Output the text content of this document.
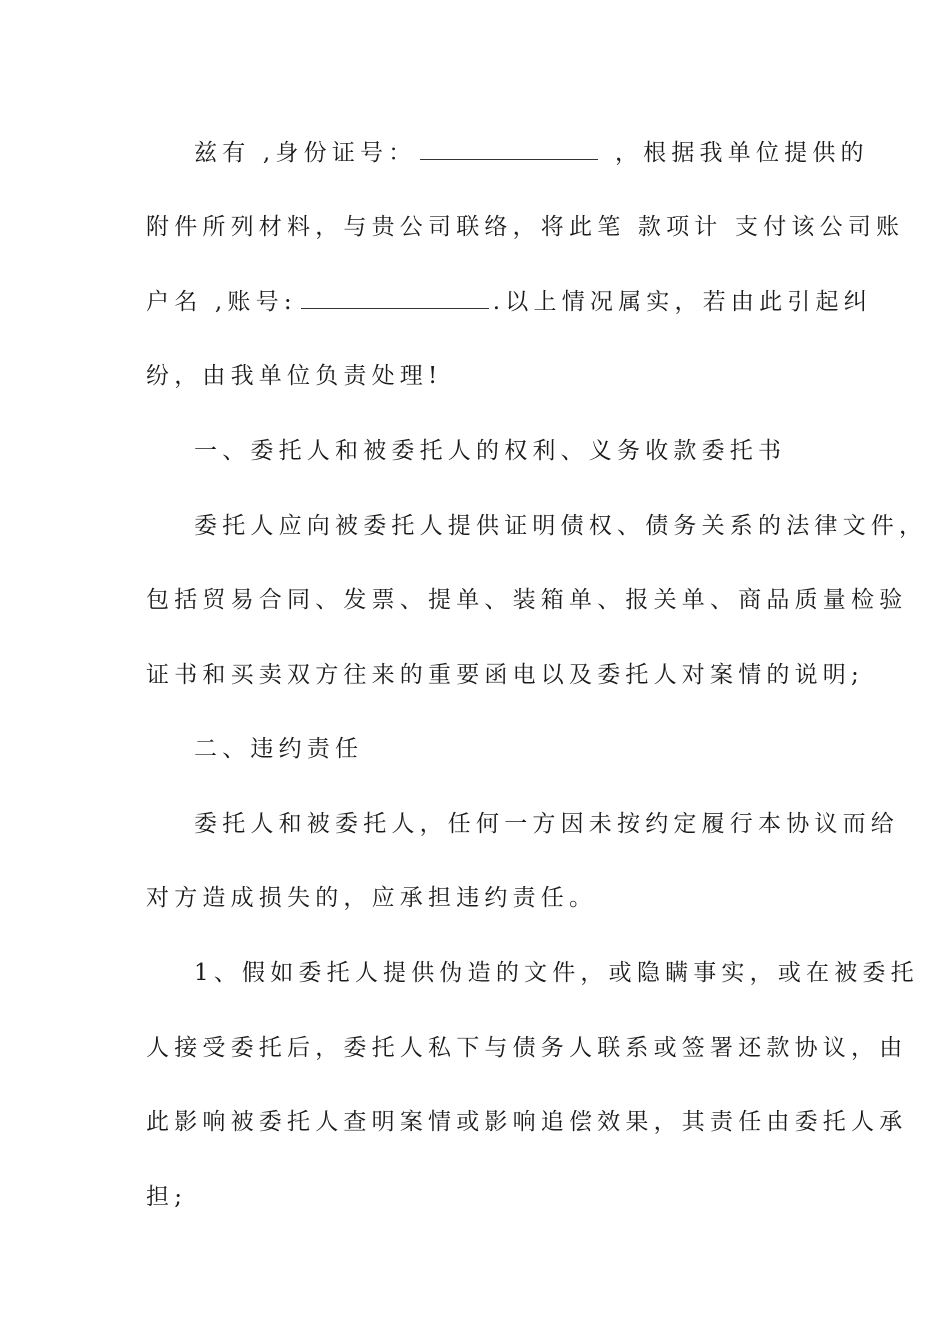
兹有 ,身份证号：	，根据我单位提供的
附件所列材料，与贵公司联络，将此笔 款项计 支付该公司账
户名 ,账号:	.以上情况属实，若由此引起纠
纷，由我单位负责处理!
一、委托人和被委托人的权利、义务收款委托书
委托人应向被委托人提供证明债权、债务关系的法律文件，
包括贸易合同、发票、提单、装箱单、报关单、商品质量检验
证书和买卖双方往来的重要函电以及委托人对案情的说明;
二、违约责任
委托人和被委托人，任何一方因未按约定履行本协议而给
对方造成损失的，应承担违约责任。
1、假如委托人提供伪造的文件，或隐瞒事实，或在被委托
人接受委托后，委托人私下与债务人联系或签署还款协议，由
此影响被委托人查明案情或影响追偿效果，其责任由委托人承
担;
